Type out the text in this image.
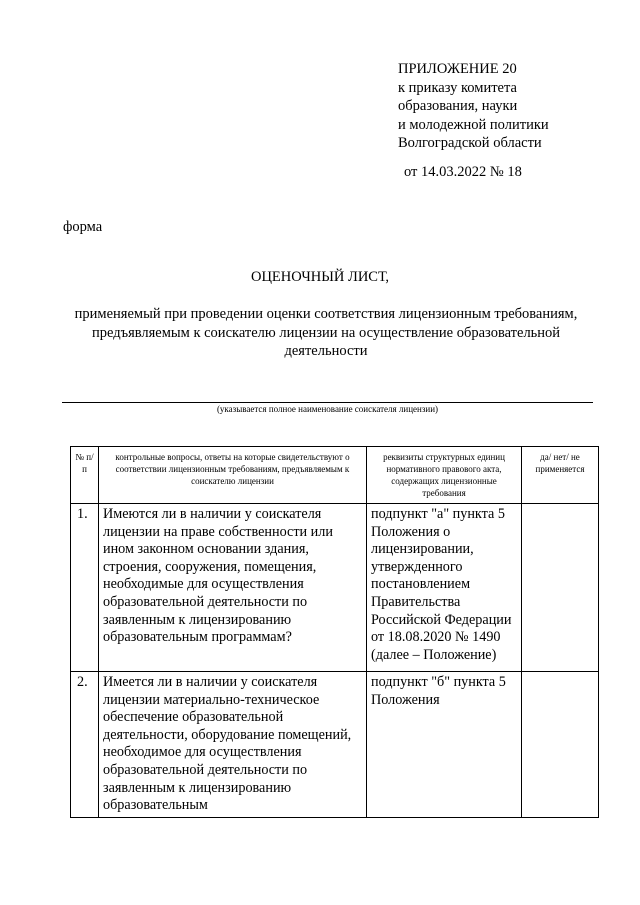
ПРИЛОЖЕНИЕ 20
к приказу комитета
образования, науки
и молодежной политики
Волгоградской области
от 14.03.2022 № 18
форма
ОЦЕНОЧНЫЙ ЛИСТ,
применяемый при проведении оценки соответствия лицензионным требованиям, предъявляемым к соискателю лицензии на осуществление образовательной деятельности
(указывается полное наименование соискателя лицензии)
№ п/п	контрольные вопросы, ответы на которые свидетельствуют о соответствии лицензионным требованиям, предъявляемым к соискателю лицензии	реквизиты структурных единиц нормативного правового акта, содержащих лицензионные требования	да/ нет/ не применяется
1.	Имеются ли в наличии у соискателя лицензии на праве собственности или ином законном основании здания, строения, сооружения, помещения, необходимые для осуществления образовательной деятельности по заявленным к лицензированию образовательным программам?	подпункт "а" пункта 5 Положения о лицензировании, утвержденного постановлением Правительства Российской Федерации от 18.08.2020 № 1490 (далее – Положение)	
2.	Имеется ли в наличии у соискателя лицензии материально-техническое обеспечение образовательной деятельности, оборудование помещений, необходимое для осуществления образовательной деятельности по заявленным к лицензированию образовательным	подпункт "б" пункта 5 Положения	
